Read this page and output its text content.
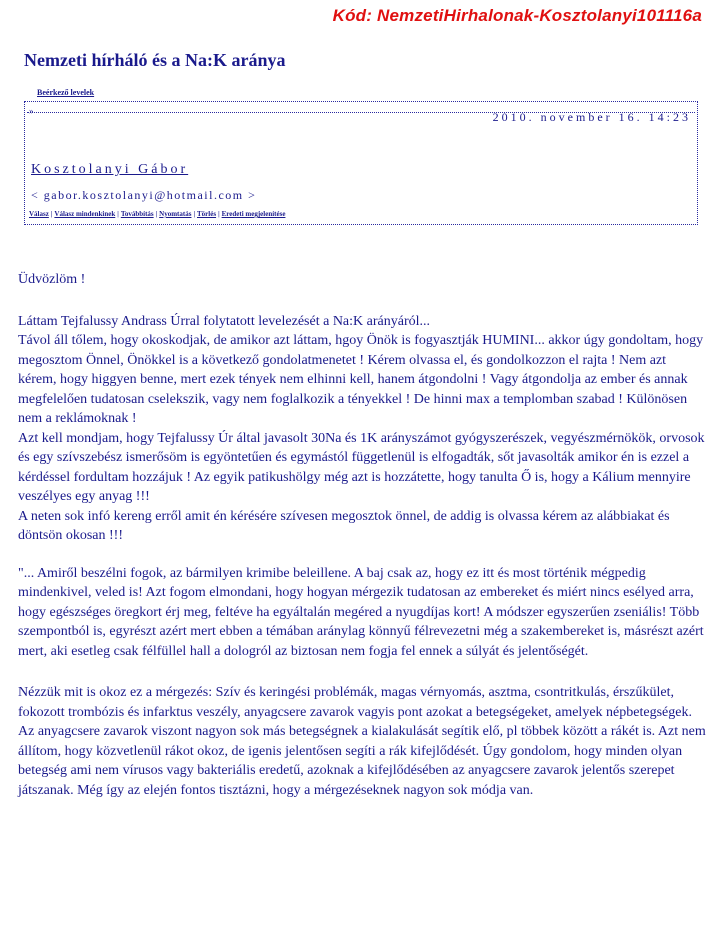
Kód: NemzetiHirhalonak-Kosztolanyi101116a
Nemzeti hírháló és a Na:K aránya
Beérkező levelek
»	2010. november 16. 14:23
Kosztolanyi Gábor
< gabor.kosztolanyi@hotmail.com >
Válasz | Válasz mindenkinek | Továbbítás | Nyomtatás | Törlés | Eredeti megjelenítése

Üdvözlöm !

Láttam Tejfalussy Andrass Úrral folytatott levelezését a Na:K arányáról...
Távol áll tőlem, hogy okoskodjak, de amikor azt láttam, hgoy Önök is fogyasztják HUMINI... akkor úgy gondoltam, hogy megosztom Önnel, Önökkel is a következő gondolatmenetet ! Kérem olvassa el, és gondolkozzon el rajta ! Nem azt kérem, hogy higgyen benne, mert ezek tények nem elhinni kell, hanem átgondolni ! Vagy átgondolja az ember és annak megfelelően tudatosan cselekszik, vagy nem foglalkozik a tényekkel ! De hinni max a templomban szabad ! Különösen nem a reklámoknak !
Azt kell mondjam, hogy Tejfalussy Úr által javasolt 30Na és 1K arányszámot gyógyszerészek, vegyészmérnökök, orvosok és egy szívszebész ismerősöm is egyöntetűen és egymástól függetlenül is elfogadták, sőt javasolták amikor én is ezzel a kérdéssel fordultam hozzájuk ! Az egyik patikushölgy még azt is hozzátette, hogy tanulta Ő is, hogy a Kálium mennyire veszélyes egy anyag !!!
A neten sok infó kereng erről amit én kérésére szívesen megosztok önnel, de addig is olvassa kérem az alábbiakat és döntsön okosan !!!

"... Amiről beszélni fogok, az bármilyen krimibe beleillene. A baj csak az, hogy ez itt és most történik mégpedig mindenkivel, veled is! Azt fogom elmondani, hogy hogyan mérgezik tudatosan az embereket és miért nincs esélyed arra, hogy egészséges öregkort érj meg, feltéve ha egyáltalán megéred a nyugdíjas kort! A módszer egyszerűen zseniális! Több szempontból is, egyrészt azért mert ebben a témában aránylag könnyű félrevezetni még a szakembereket is, másrészt azért mert, aki esetleg csak félfüllel hall a dologról az biztosan nem fogja fel ennek a súlyát és jelentőségét.

Nézzük mit is okoz ez a mérgezés: Szív és keringési problémák, magas vérnyomás, asztma, csontritkulás, érszűkület, fokozott trombózis és infarktus veszély, anyagcsere zavarok vagyis pont azokat a betegségeket, amelyek népbetegségek. Az anyagcsere zavarok viszont nagyon sok más betegségnek a kialakulását segítik elő, pl többek között a rákét is. Azt nem állítom, hogy közvetlenül rákot okoz, de igenis jelentősen segíti a rák kifejlődését. Úgy gondolom, hogy minden olyan betegség ami nem vírusos vagy bakteriális eredetű, azoknak a kifejlődésében az anyagcsere zavarok jelentős szerepet játszanak. Még így az elején fontos tisztázni, hogy a mérgezéseknek nagyon sok módja van.
